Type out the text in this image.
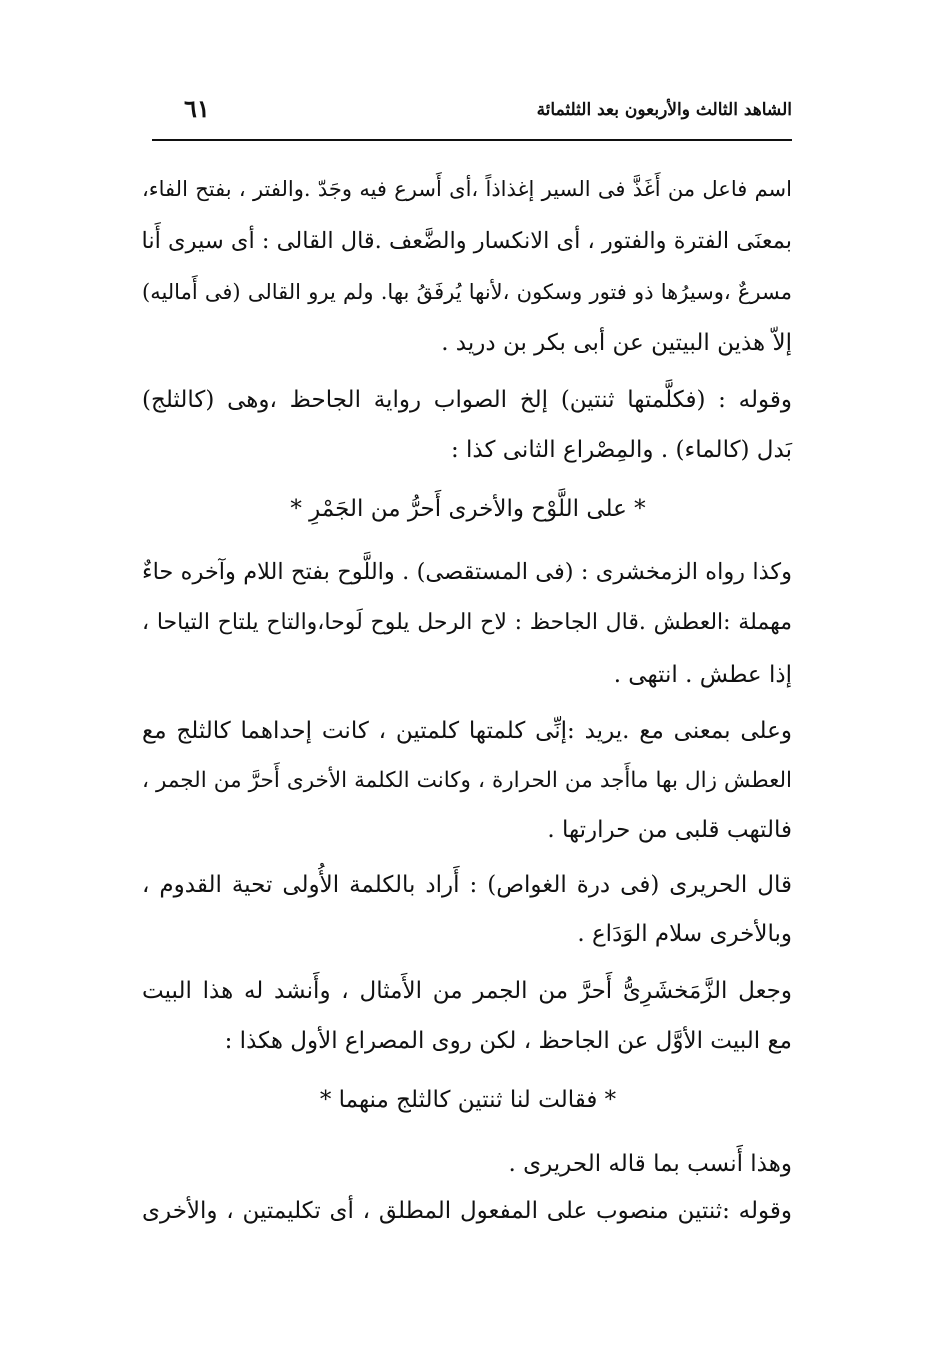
الشاهد الثالث والأربعون بعد الثلثمائة
٦١
اسم فاعل من أَغَذَّ فى السير إغذاذاً ،أى أَسرع فيه وجَدّ .والفتر ، بفتح الفاء،
بمعنَى الفترة والفتور ، أى الانكسار والضَّعف .قال القالى : أى سيرى أَنا
مسرعٌ ،وسيرُها ذو فتور وسكون ،لأنها يُرفَقُ بها. ولم يرو القالى (فى أَماليه)
إلاّ هذين البيتين عن أبى بكر بن دريد .
وقوله : (فكلَّمتها ثنتين) إلخ الصواب رواية الجاحظ ،وهى (كالثلج)
بَدل (كالماء) . والمِصْراع الثانى كذا :
* على اللَّوْح والأخرى أَحرُّ من الجَمْرِ *
وكذا رواه الزمخشرى : (فى المستقصى) . واللَّوح بفتح اللام وآخره حاءٌ
مهملة :العطش .قال الجاحظ : لاح الرحل يلوح لَوحا،والتاح يلتاح التياحا ،
إذا عطش . انتهى .
وعلى بمعنى مع .يريد :إنِّى كلمتها كلمتين ، كانت إحداهما كالثلج مع
العطش زال بها ماأَجد من الحرارة ، وكانت الكلمة الأخرى أَحرَّ من الجمر ،
فالتهب قلبى من حرارتها .
قال الحريرى (فى درة الغواص) : أَراد بالكلمة الأُولى تحية القدوم ،
وبالأخرى سلام الوَدَاع .
وجعل الزَّمَخشَرِىُّ أَحرَّ من الجمر من الأَمثال ، وأَنشد له هذا البيت
مع البيت الأوَّل عن الجاحظ ، لكن روى المصراع الأول هكذا :
* فقالت لنا ثنتين كالثلج منهما *
وهذا أَنسب بما قاله الحريرى .
وقوله :ثنتين منصوب على المفعول المطلق ، أى تكليمتين ، والأخرى
